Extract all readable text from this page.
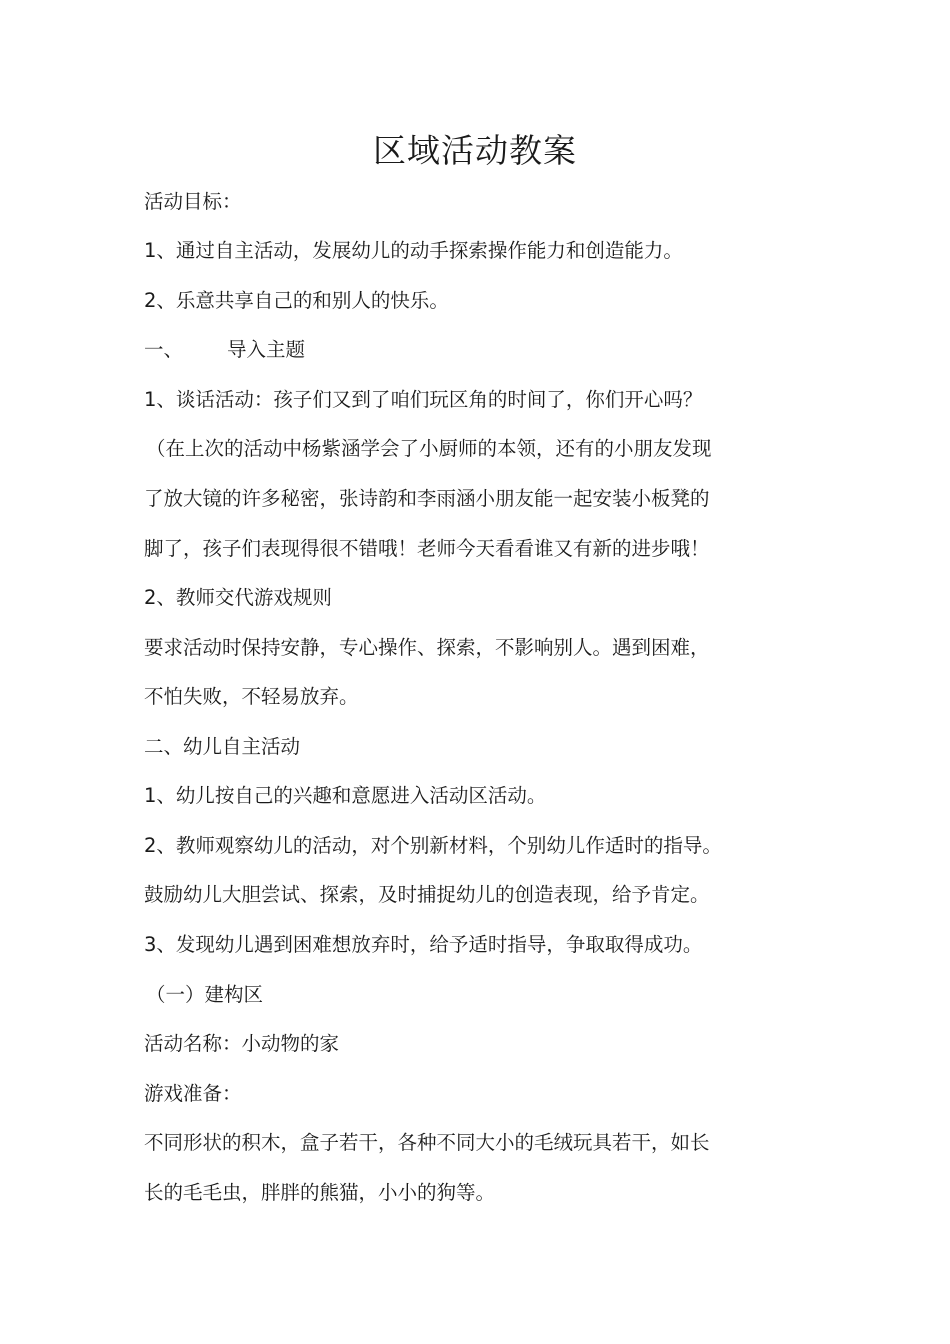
区域活动教案
活动目标：
1、通过自主活动，发展幼儿的动手探索操作能力和创造能力。
2、乐意共享自己的和别人的快乐。
一、 导入主题
1、谈话活动：孩子们又到了咱们玩区角的时间了，你们开心吗？
（在上次的活动中杨紫涵学会了小厨师的本领，还有的小朋友发现
了放大镜的许多秘密，张诗韵和李雨涵小朋友能一起安装小板凳的
脚了，孩子们表现得很不错哦！老师今天看看谁又有新的进步哦！
2、教师交代游戏规则
要求活动时保持安静，专心操作、探索，不影响别人。遇到困难，
不怕失败，不轻易放弃。
二、幼儿自主活动
1、幼儿按自己的兴趣和意愿进入活动区活动。
2、教师观察幼儿的活动，对个别新材料，个别幼儿作适时的指导。
鼓励幼儿大胆尝试、探索，及时捕捉幼儿的创造表现，给予肯定。
3、发现幼儿遇到困难想放弃时，给予适时指导，争取取得成功。
（一）建构区
活动名称：小动物的家
游戏准备：
不同形状的积木，盒子若干，各种不同大小的毛绒玩具若干，如长
长的毛毛虫，胖胖的熊猫，小小的狗等。
